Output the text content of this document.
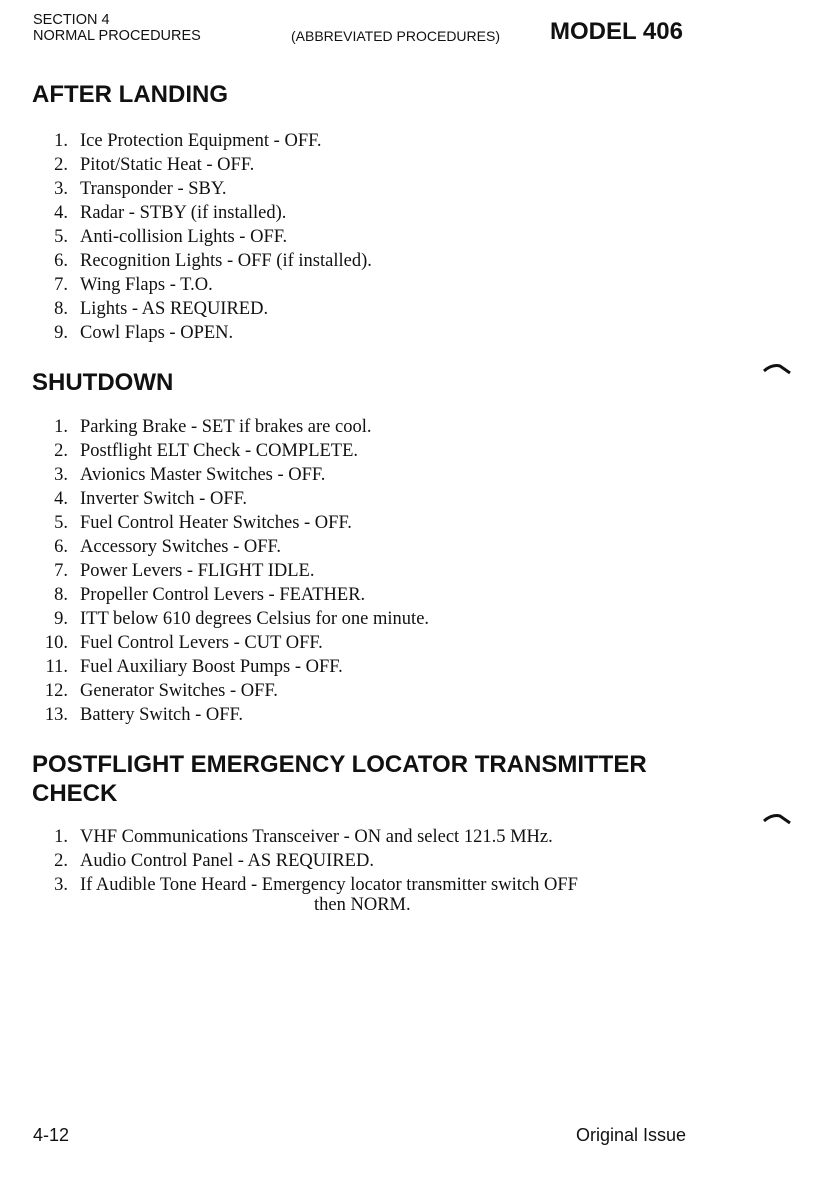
SECTION 4
NORMAL PROCEDURES	(ABBREVIATED PROCEDURES) MODEL 406
AFTER LANDING
1. Ice Protection Equipment - OFF.
2. Pitot/Static Heat - OFF.
3. Transponder - SBY.
4. Radar - STBY (if installed).
5. Anti-collision Lights - OFF.
6. Recognition Lights - OFF (if installed).
7. Wing Flaps - T.O.
8. Lights - AS REQUIRED.
9. Cowl Flaps - OPEN.
SHUTDOWN
1. Parking Brake - SET if brakes are cool.
2. Postflight ELT Check - COMPLETE.
3. Avionics Master Switches - OFF.
4. Inverter Switch - OFF.
5. Fuel Control Heater Switches - OFF.
6. Accessory Switches - OFF.
7. Power Levers - FLIGHT IDLE.
8. Propeller Control Levers - FEATHER.
9. ITT below 610 degrees Celsius for one minute.
10. Fuel Control Levers - CUT OFF.
11. Fuel Auxiliary Boost Pumps - OFF.
12. Generator Switches - OFF.
13. Battery Switch - OFF.
POSTFLIGHT EMERGENCY LOCATOR TRANSMITTER
CHECK
1. VHF Communications Transceiver - ON and select 121.5 MHz.
2. Audio Control Panel - AS REQUIRED.
3. If Audible Tone Heard - Emergency locator transmitter switch OFF
then NORM.
4-12	Original Issue
